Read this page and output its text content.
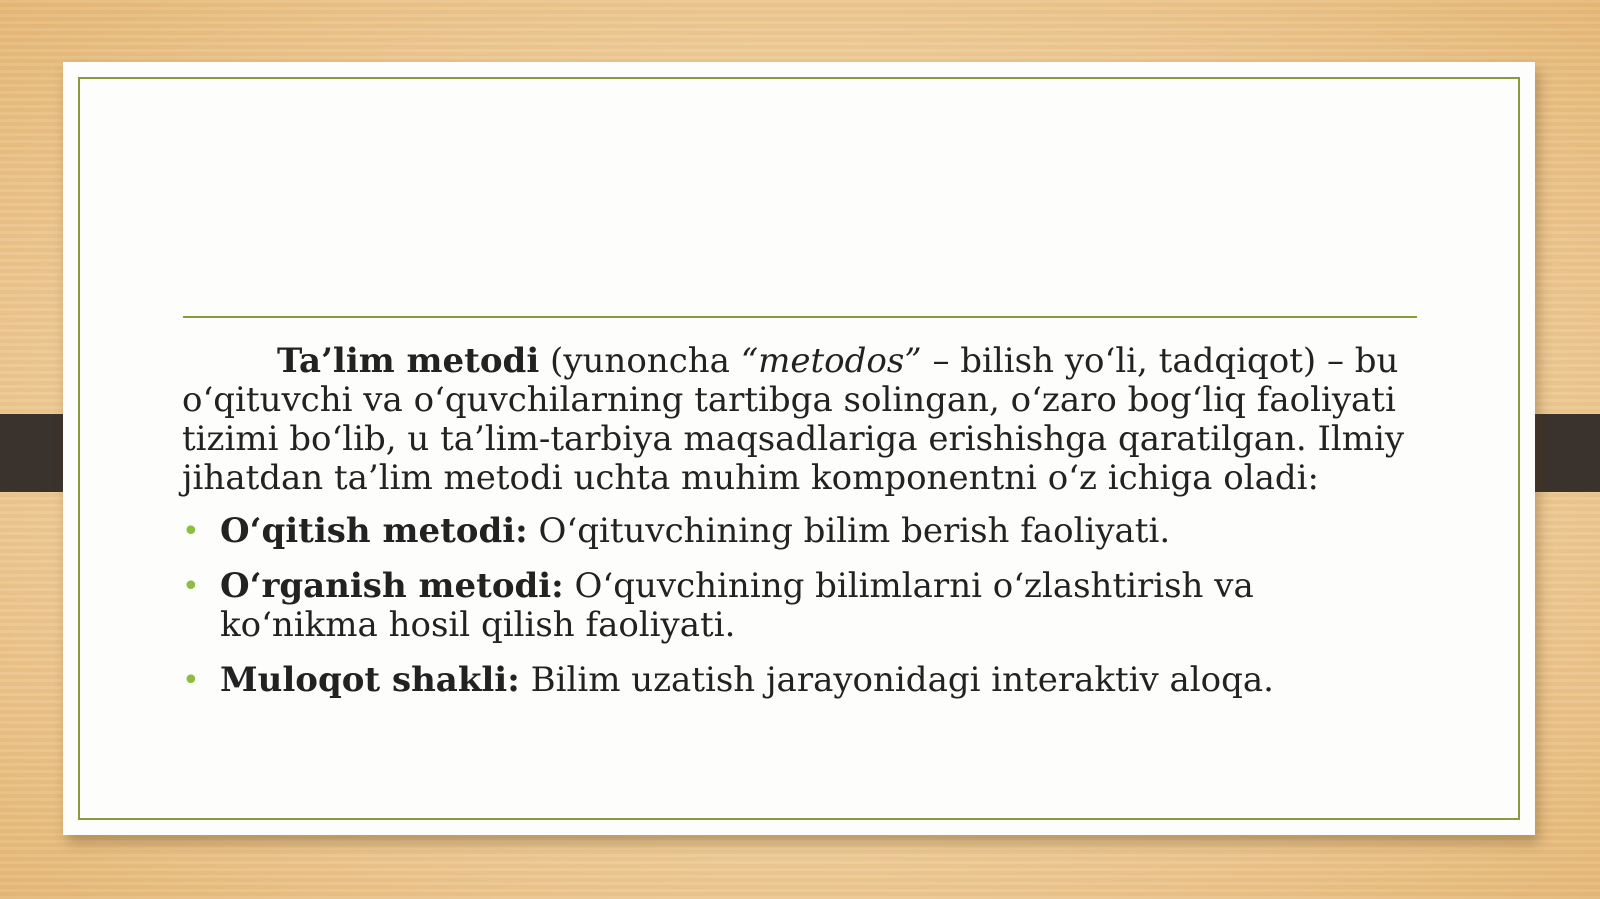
Ta’lim metodi (yunoncha “metodos” – bilish yo‘li, tadqiqot) – bu o‘qituvchi va o‘quvchilarning tartibga solingan, o‘zaro bog‘liq faoliyati tizimi bo‘lib, u ta’lim-tarbiya maqsadlariga erishishga qaratilgan. Ilmiy jihatdan ta’lim metodi uchta muhim komponentni o‘z ichiga oladi:

• O‘qitish metodi: O‘qituvchining bilim berish faoliyati.
• O‘rganish metodi: O‘quvchining bilimlarni o‘zlashtirish va ko‘nikma hosil qilish faoliyati.
• Muloqot shakli: Bilim uzatish jarayonidagi interaktiv aloqa.
